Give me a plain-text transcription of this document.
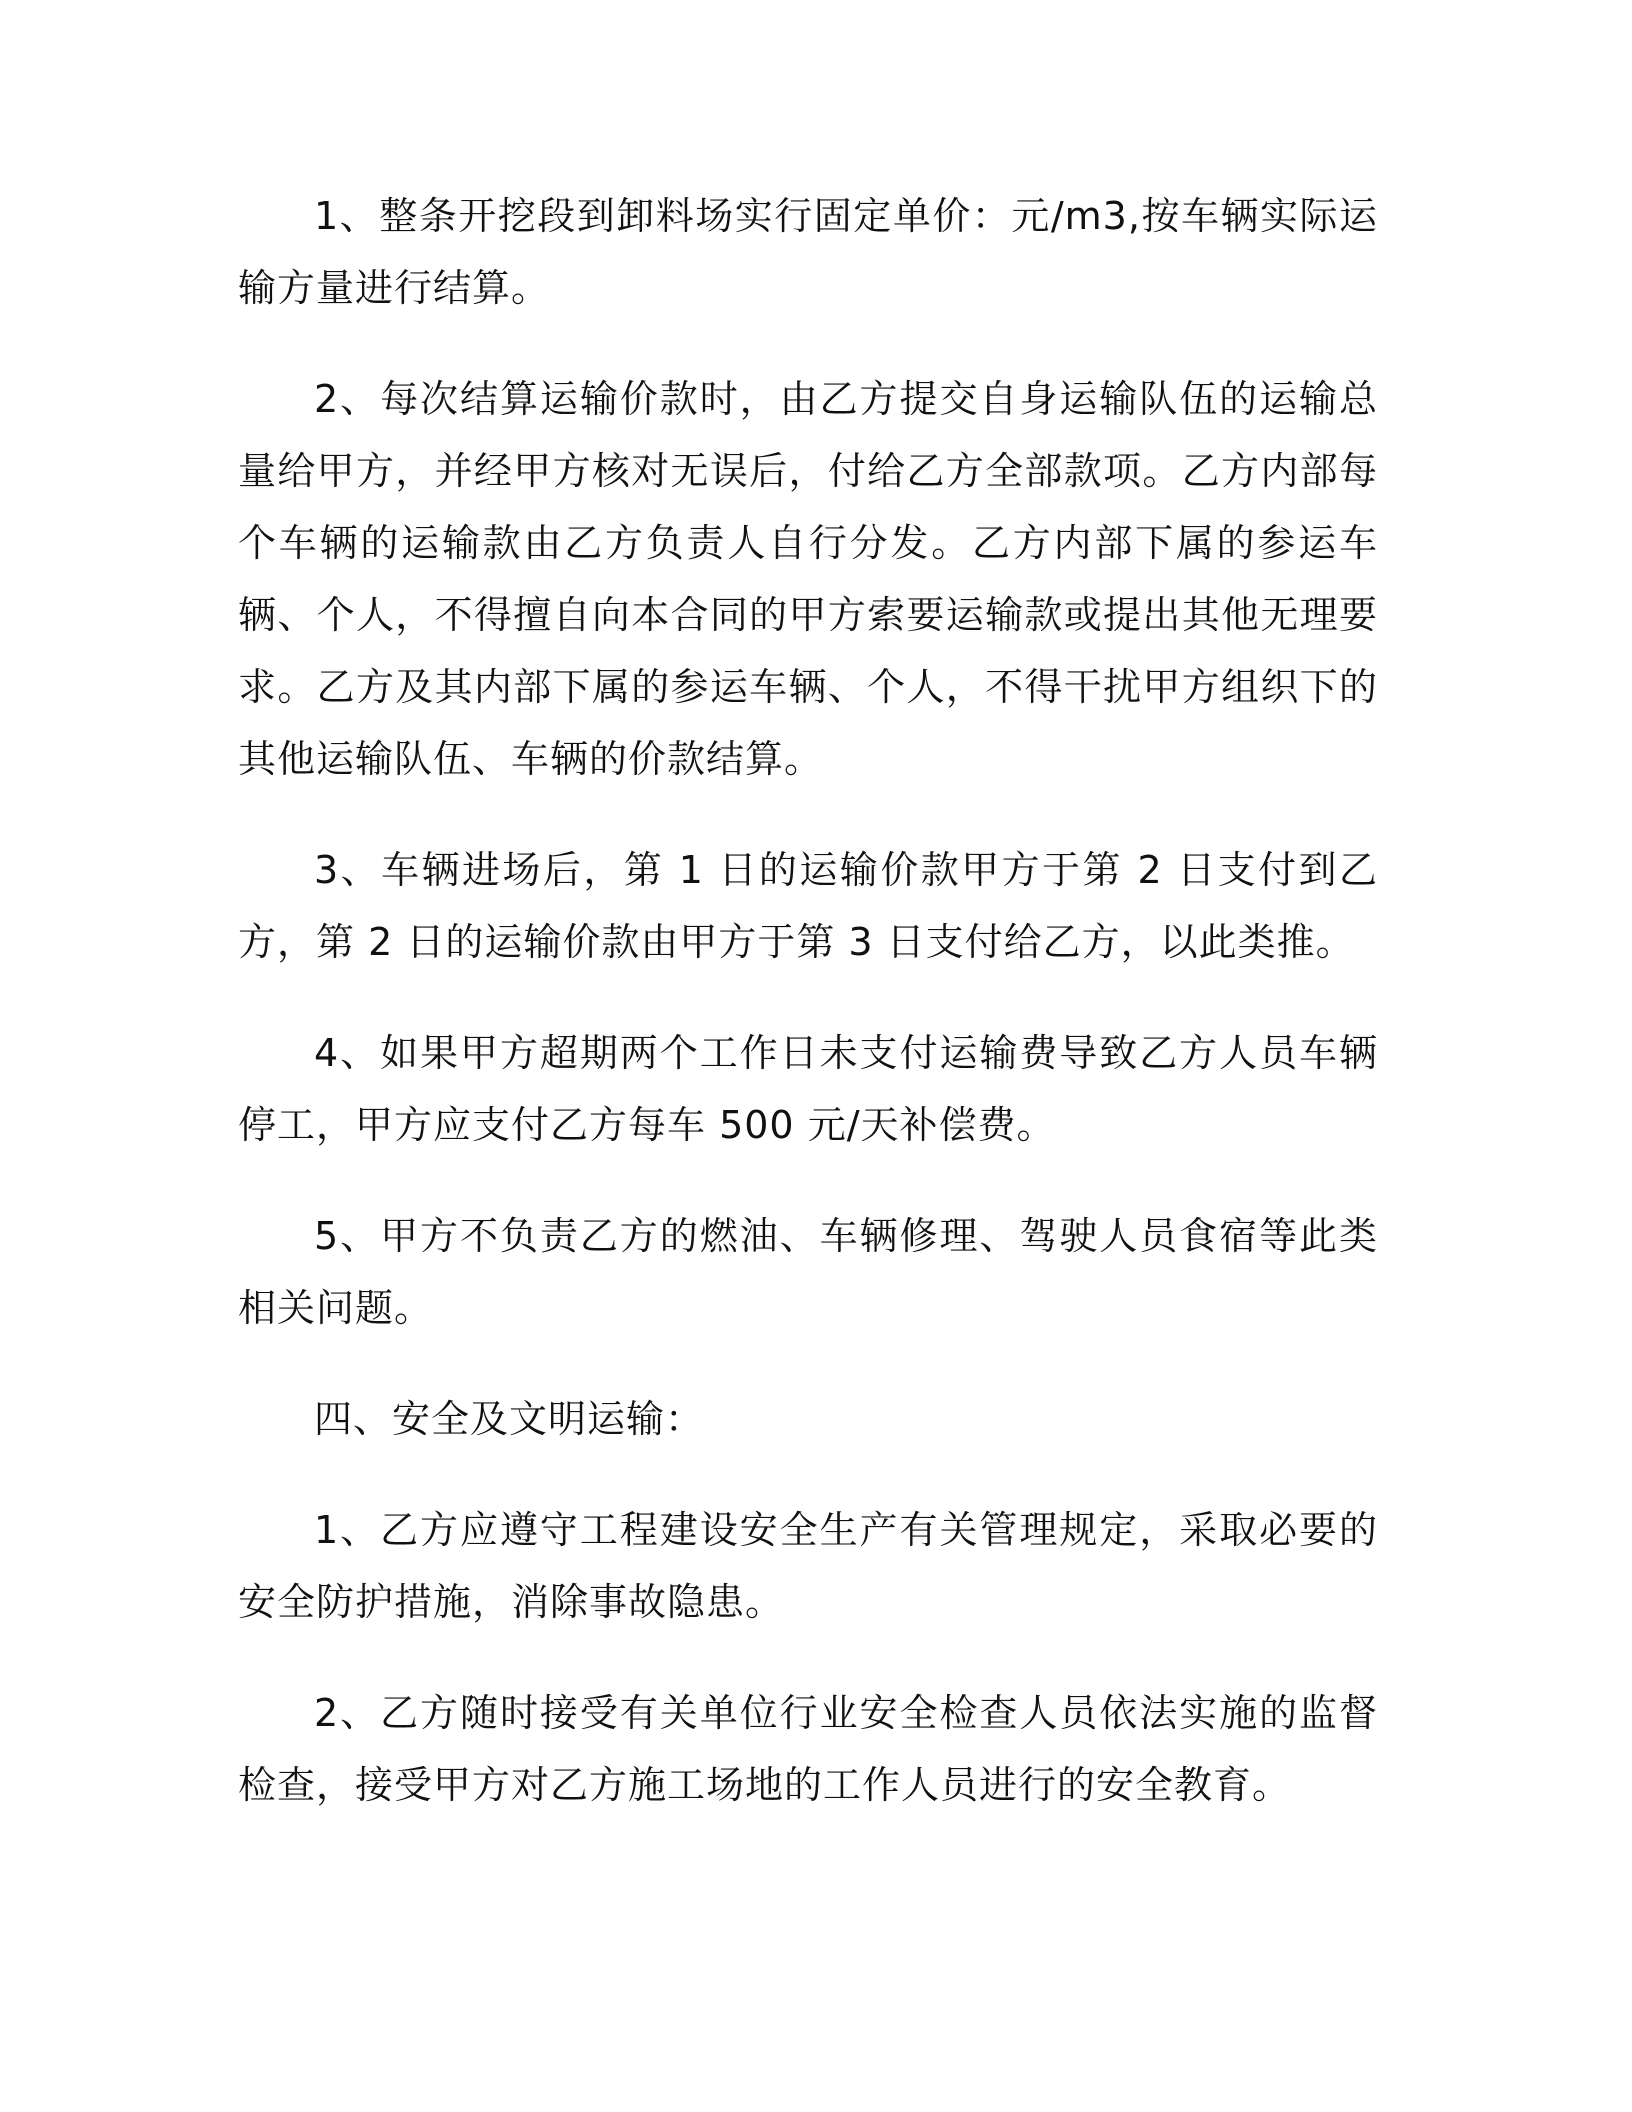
1、整条开挖段到卸料场实行固定单价：元/m3,按车辆实际运输方量进行结算。

2、每次结算运输价款时，由乙方提交自身运输队伍的运输总量给甲方，并经甲方核对无误后，付给乙方全部款项。乙方内部每个车辆的运输款由乙方负责人自行分发。乙方内部下属的参运车辆、个人，不得擅自向本合同的甲方索要运输款或提出其他无理要求。乙方及其内部下属的参运车辆、个人，不得干扰甲方组织下的其他运输队伍、车辆的价款结算。

3、车辆进场后，第 1 日的运输价款甲方于第 2 日支付到乙方，第 2 日的运输价款由甲方于第 3 日支付给乙方，以此类推。

4、如果甲方超期两个工作日未支付运输费导致乙方人员车辆停工，甲方应支付乙方每车 500 元/天补偿费。

5、甲方不负责乙方的燃油、车辆修理、驾驶人员食宿等此类相关问题。

四、安全及文明运输：

1、乙方应遵守工程建设安全生产有关管理规定，采取必要的安全防护措施，消除事故隐患。

2、乙方随时接受有关单位行业安全检查人员依法实施的监督检查，接受甲方对乙方施工场地的工作人员进行的安全教育。
